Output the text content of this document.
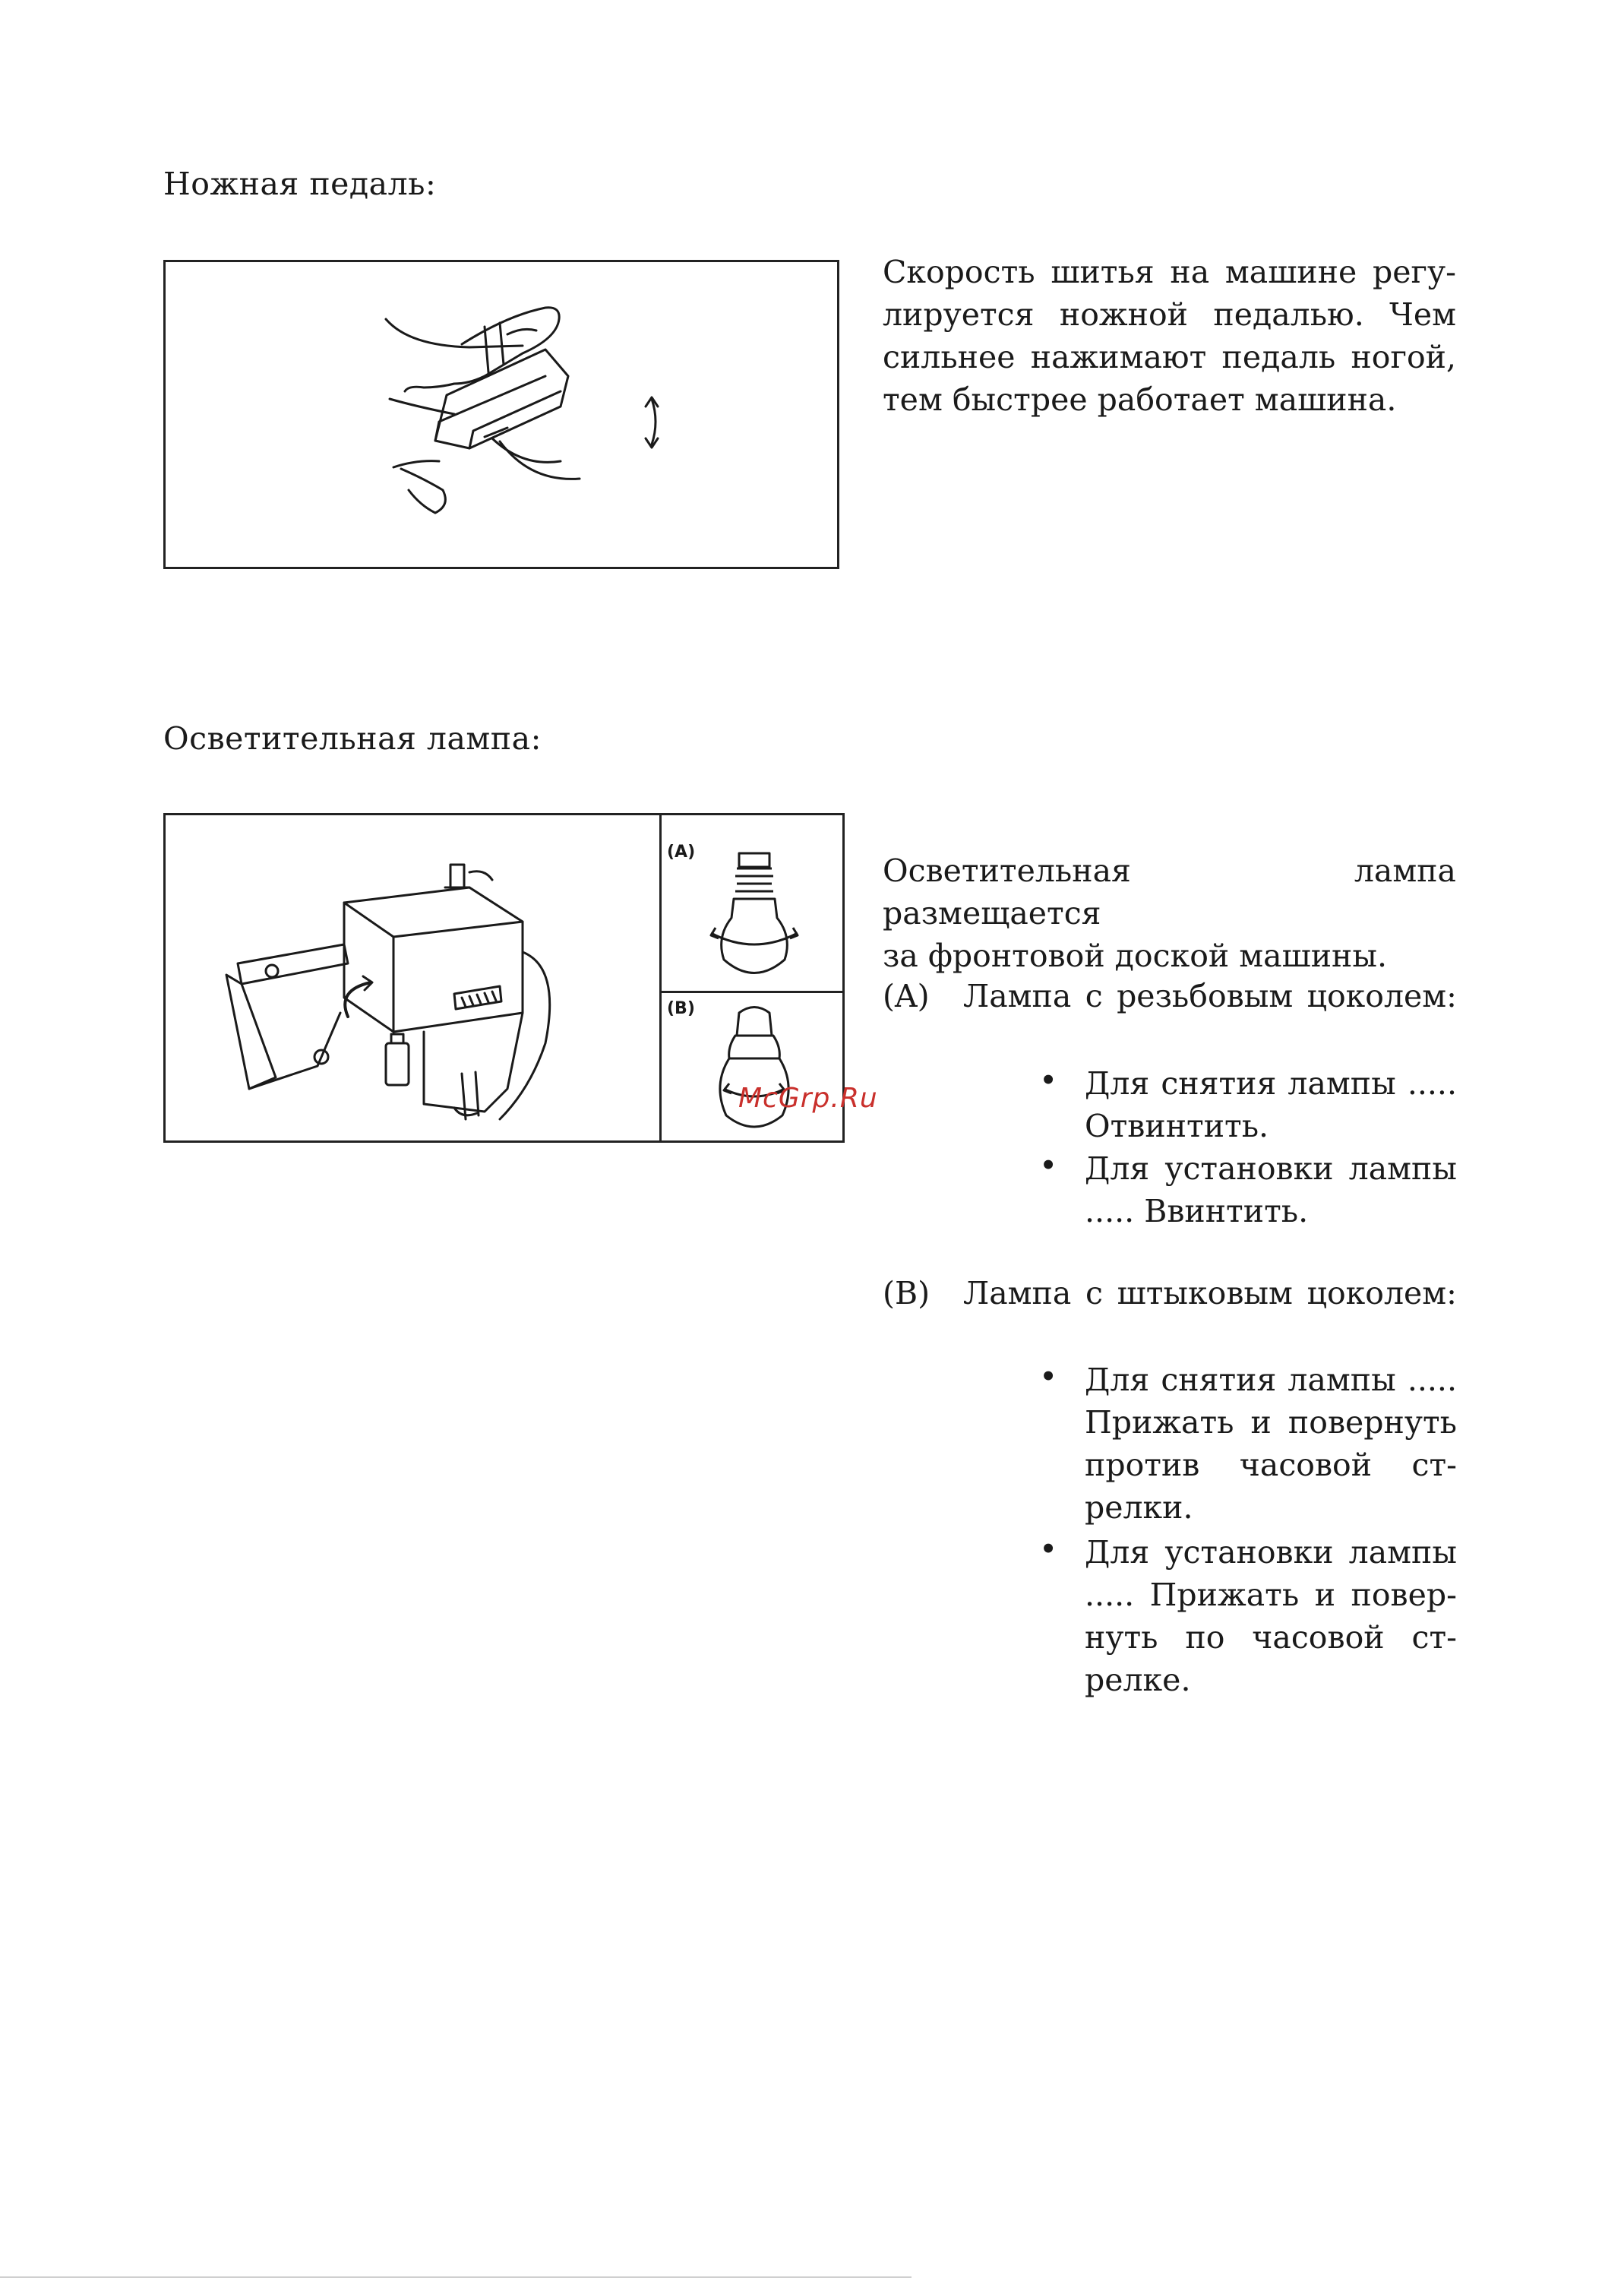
Ножная педаль:
Скорость шитья на машине регу-
лируется ножной педалью. Чем
сильнее нажимают педаль ногой,
тем быстрее работает машина.
Осветительная лампа:
(A)
(B)
Осветительная лампа размещается
за фронтовой доской машины.
(A) Лампа с резьбовым цоколем:
• Для снятия лампы .....
Отвинтить.
• Для установки лампы
..... Ввинтить.
(B) Лампа с штыковым цоколем:
• Для снятия лампы .....
Прижать и повернуть
против часовой ст-
релки.
• Для установки лампы
..... Прижать и повер-
нуть по часовой ст-
релке.
McGrp.Ru
